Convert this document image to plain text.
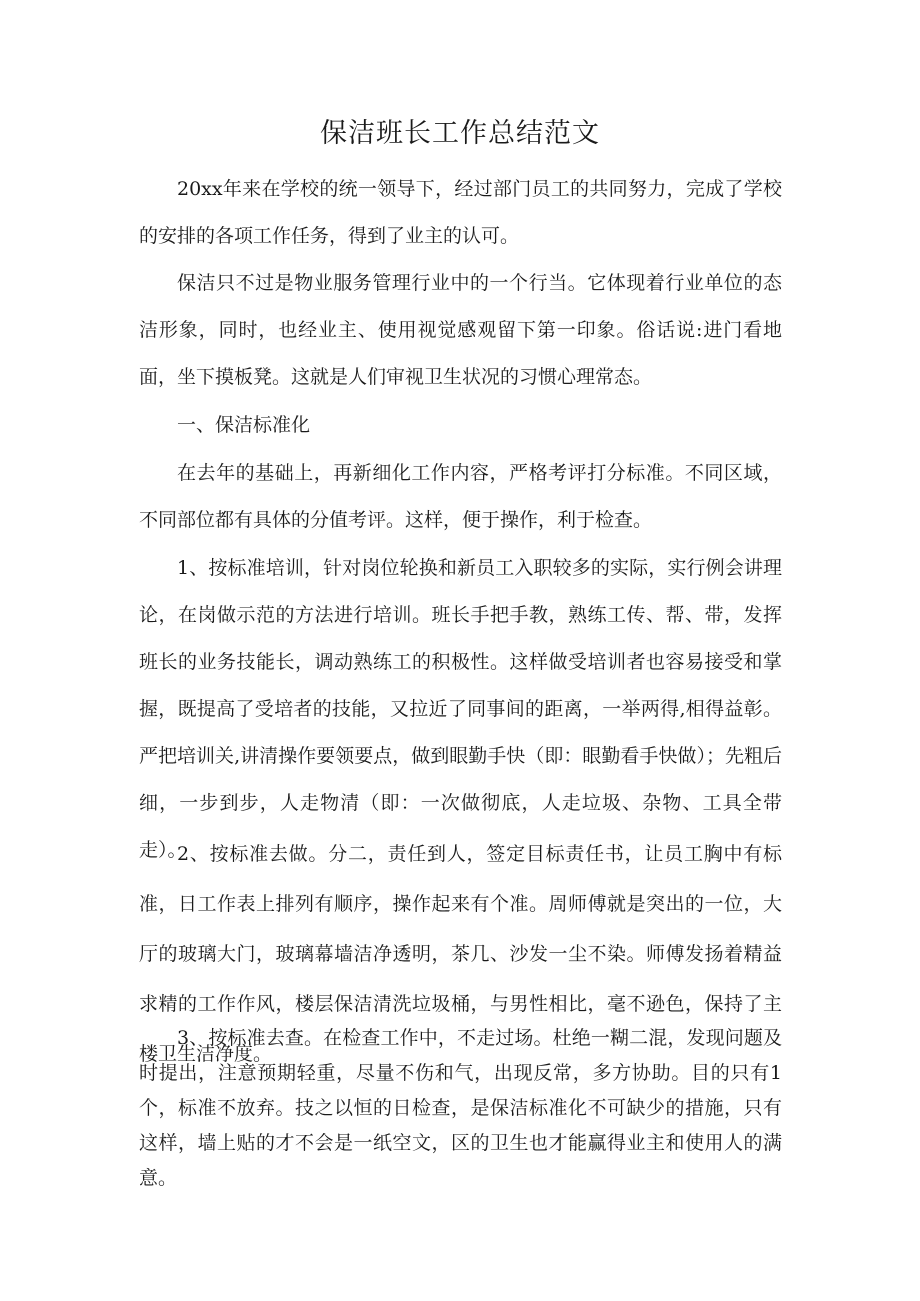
保洁班长工作总结范文

20xx年来在学校的统一领导下，经过部门员工的共同努力，完成了学校的安排的各项工作任务，得到了业主的认可。

保洁只不过是物业服务管理行业中的一个行当。它体现着行业单位的态洁形象，同时，也经业主、使用视觉感观留下第一印象。俗话说:进门看地面，坐下摸板凳。这就是人们审视卫生状况的习惯心理常态。

一、保洁标准化

在去年的基础上，再新细化工作内容，严格考评打分标准。不同区域，不同部位都有具体的分值考评。这样，便于操作，利于检查。

1、按标准培训，针对岗位轮换和新员工入职较多的实际，实行例会讲理论，在岗做示范的方法进行培训。班长手把手教，熟练工传、帮、带，发挥班长的业务技能长，调动熟练工的积极性。这样做受培训者也容易接受和掌握，既提高了受培者的技能，又拉近了同事间的距离，一举两得,相得益彰。严把培训关,讲清操作要领要点，做到眼勤手快（即：眼勤看手快做）；先粗后细，一步到步，人走物清（即：一次做彻底，人走垃圾、杂物、工具全带走）。

2、按标准去做。分二，责任到人，签定目标责任书，让员工胸中有标准，日工作表上排列有顺序，操作起来有个准。周师傅就是突出的一位，大厅的玻璃大门，玻璃幕墙洁净透明，茶几、沙发一尘不染。师傅发扬着精益求精的工作作风，楼层保洁清洗垃圾桶，与男性相比，毫不逊色，保持了主楼卫生洁净度。

3、按标准去查。在检查工作中，不走过场。杜绝一糊二混，发现问题及时提出，注意预期轻重，尽量不伤和气，出现反常，多方协助。目的只有1个，标准不放弃。技之以恒的日检查，是保洁标准化不可缺少的措施，只有这样，墙上贴的才不会是一纸空文，区的卫生也才能赢得业主和使用人的满意。
